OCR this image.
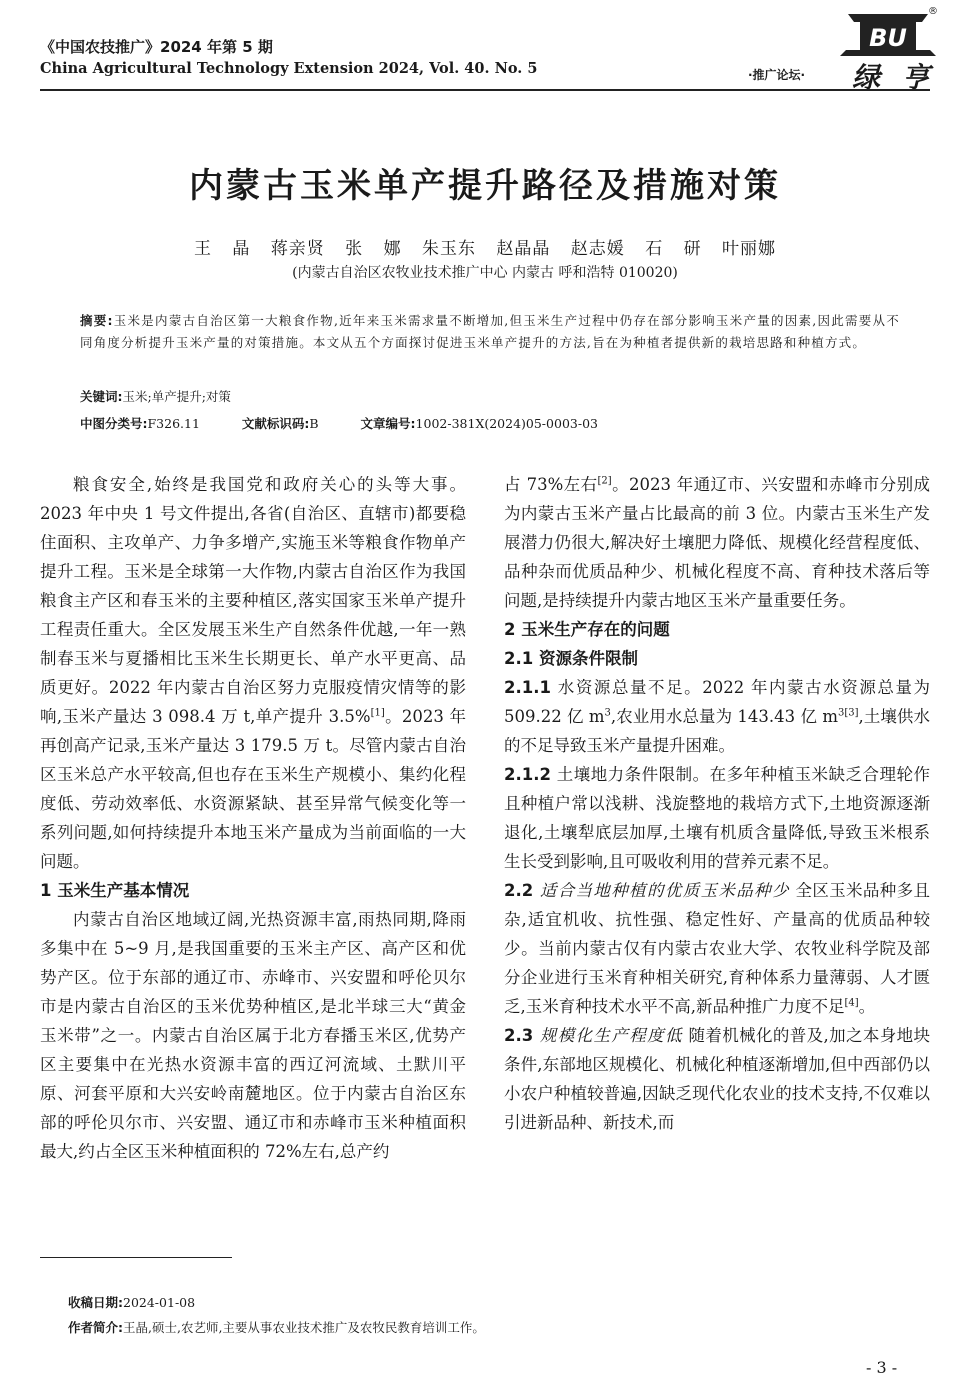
《中国农技推广》2024 年第 5 期
China Agricultural Technology Extension 2024, Vol. 40. No. 5	·推广论坛·
BU
®
绿 亨
内蒙古玉米单产提升路径及措施对策
王 晶 蒋亲贤 张 娜 朱玉东 赵晶晶 赵志媛 石 研 叶丽娜
(内蒙古自治区农牧业技术推广中心 内蒙古 呼和浩特 010020)
摘要:玉米是内蒙古自治区第一大粮食作物,近年来玉米需求量不断增加,但玉米生产过程中仍存在部分影响玉米产量的因素,因此需要从不同角度分析提升玉米产量的对策措施。本文从五个方面探讨促进玉米单产提升的方法,旨在为种植者提供新的栽培思路和种植方式。
关键词:玉米;单产提升;对策
中图分类号:F326.11	文献标识码:B	文章编号:1002-381X(2024)05-0003-03

粮食安全,始终是我国党和政府关心的头等大事。2023 年中央 1 号文件提出,各省(自治区、直辖市)都要稳住面积、主攻单产、力争多增产,实施玉米等粮食作物单产提升工程。玉米是全球第一大作物,内蒙古自治区作为我国粮食主产区和春玉米的主要种植区,落实国家玉米单产提升工程责任重大。全区发展玉米生产自然条件优越,一年一熟制春玉米与夏播相比玉米生长期更长、单产水平更高、品质更好。2022 年内蒙古自治区努力克服疫情灾情等的影响,玉米产量达 3 098.4 万 t,单产提升 3.5%[1]。2023 年再创高产记录,玉米产量达 3 179.5 万 t。尽管内蒙古自治区玉米总产水平较高,但也存在玉米生产规模小、集约化程度低、劳动效率低、水资源紧缺、甚至异常气候变化等一系列问题,如何持续提升本地玉米产量成为当前面临的一大问题。

1 玉米生产基本情况

内蒙古自治区地域辽阔,光热资源丰富,雨热同期,降雨多集中在 5~9 月,是我国重要的玉米主产区、高产区和优势产区。位于东部的通辽市、赤峰市、兴安盟和呼伦贝尔市是内蒙古自治区的玉米优势种植区,是北半球三大“黄金玉米带”之一。内蒙古自治区属于北方春播玉米区,优势产区主要集中在光热水资源丰富的西辽河流域、土默川平原、河套平原和大兴安岭南麓地区。位于内蒙古自治区东部的呼伦贝尔市、兴安盟、通辽市和赤峰市玉米种植面积最大,约占全区玉米种植面积的 72%左右,总产约

占 73%左右[2]。2023 年通辽市、兴安盟和赤峰市分别成为内蒙古玉米产量占比最高的前 3 位。内蒙古玉米生产发展潜力仍很大,解决好土壤肥力降低、规模化经营程度低、品种杂而优质品种少、机械化程度不高、育种技术落后等问题,是持续提升内蒙古地区玉米产量重要任务。

2 玉米生产存在的问题
2.1 资源条件限制

2.1.1 水资源总量不足。2022 年内蒙古水资源总量为 509.22 亿 $m^3$,农业用水总量为 143.43 亿 $m^{3[3]}$,土壤供水的不足导致玉米产量提升困难。

2.1.2 土壤地力条件限制。在多年种植玉米缺乏合理轮作且种植户常以浅耕、浅旋整地的栽培方式下,土地资源逐渐退化,土壤犁底层加厚,土壤有机质含量降低,导致玉米根系生长受到影响,且可吸收利用的营养元素不足。

2.2 适合当地种植的优质玉米品种少 全区玉米品种多且杂,适宜机收、抗性强、稳定性好、产量高的优质品种较少。当前内蒙古仅有内蒙古农业大学、农牧业科学院及部分企业进行玉米育种相关研究,育种体系力量薄弱、人才匮乏,玉米育种技术水平不高,新品种推广力度不足[4]。

2.3 规模化生产程度低 随着机械化的普及,加之本身地块条件,东部地区规模化、机械化种植逐渐增加,但中西部仍以小农户种植较普遍,因缺乏现代化农业的技术支持,不仅难以引进新品种、新技术,而

收稿日期:2024-01-08
作者简介:王晶,硕士,农艺师,主要从事农业技术推广及农牧民教育培训工作。
- 3 -
